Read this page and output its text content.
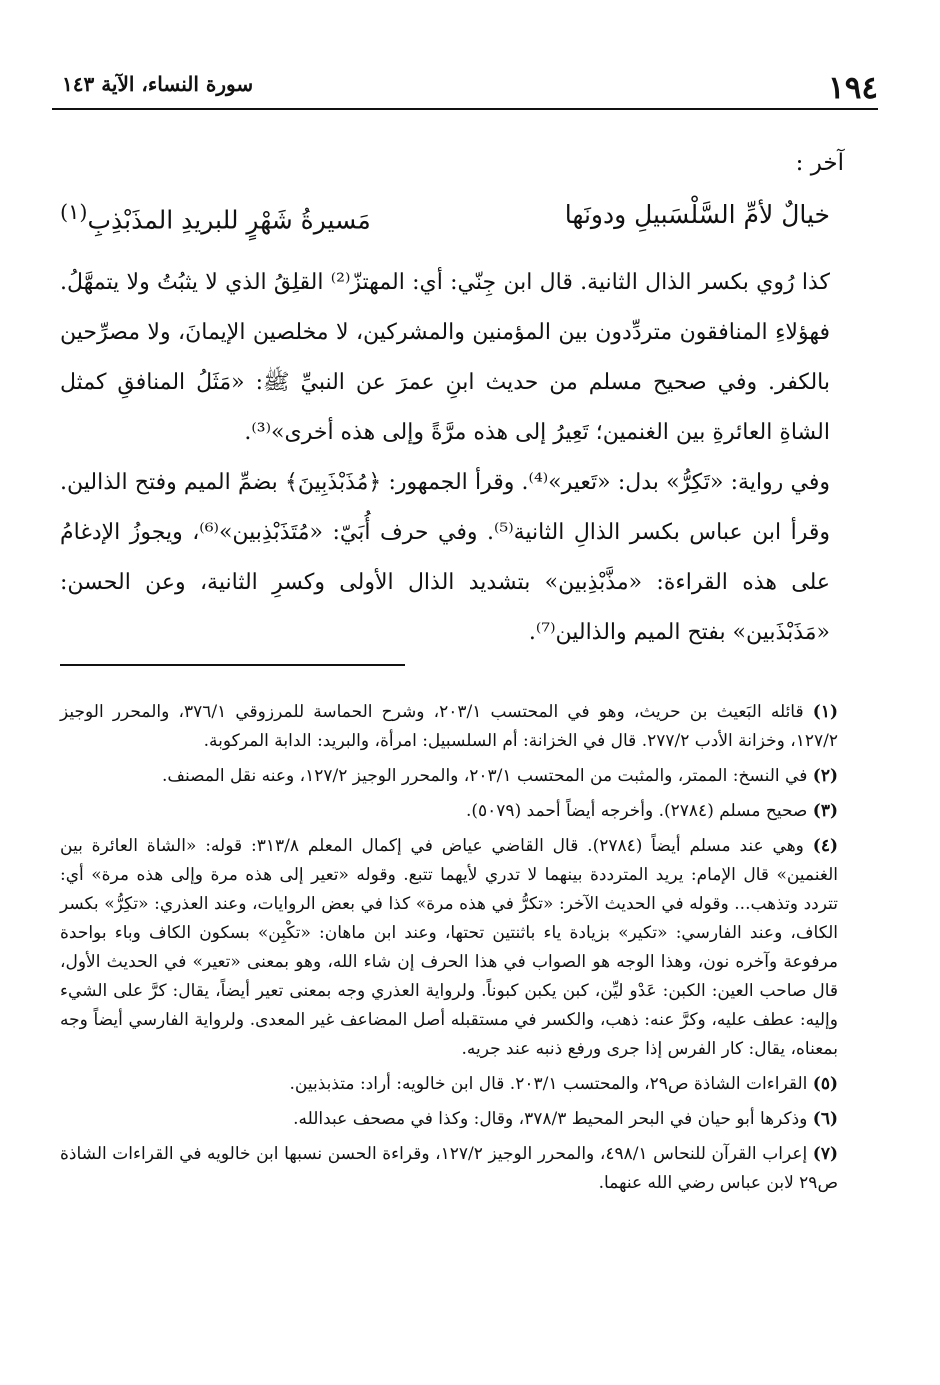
١٩٤
سورة النساء، الآية ١٤٣
آخر :
خيالٌ لأمِّ السَّلْسَبيلِ ودونَها
مَسيرةُ شَهْرٍ للبريدِ المذَبْذِبِ$^{(١)}$
كذا رُوي بكسر الذال الثانية. قال ابن جِنّي: أي: المهتزّ⁽²⁾ القلِقُ الذي لا يثبُتُ ولا يتمهَّلُ. فهؤلاءِ المنافقون متردِّدون بين المؤمنين والمشركين، لا مخلصين الإيمانَ، ولا مصرِّحين بالكفر. وفي صحيح مسلم من حديث ابنِ عمرَ عن النبيِّ ﷺ: «مَثَلُ المنافقِ كمثل الشاةِ العائرةِ بين الغنمين؛ تَعِيرُ إلى هذه مرَّةً وإلى هذه أخرى»⁽³⁾.
وفي رواية: «تَكِرُّ» بدل: «تَعير»⁽⁴⁾. وقرأ الجمهور: ﴿مُذَبْذَبِينَ﴾ بضمِّ الميم وفتح الذالين. وقرأ ابن عباس بكسر الذالِ الثانية⁽⁵⁾. وفي حرف أُبَيّ: «مُتَذَبْذِبين»⁽⁶⁾، ويجوزُ الإدغامُ على هذه القراءة: «مذَّبْذِبين» بتشديد الذال الأولى وكسرِ الثانية، وعن الحسن: «مَذَبْذَبين» بفتح الميم والذالين⁽⁷⁾.

(١) قائله البَعيث بن حريث، وهو في المحتسب ٢٠٣/١، وشرح الحماسة للمرزوقي ٣٧٦/١، والمحرر الوجيز ١٢٧/٢، وخزانة الأدب ٢٧٧/٢. قال في الخزانة: أم السلسبيل: امرأة، والبريد: الدابة المركوبة.

(٢) في النسخ: الممتر، والمثبت من المحتسب ٢٠٣/١، والمحرر الوجيز ١٢٧/٢، وعنه نقل المصنف.

(٣) صحيح مسلم (٢٧٨٤). وأخرجه أيضاً أحمد (٥٠٧٩).

(٤) وهي عند مسلم أيضاً (٢٧٨٤). قال القاضي عياض في إكمال المعلم ٣١٣/٨: قوله: «الشاة العائرة بين الغنمين» قال الإمام: يريد المترددة بينهما لا تدري لأيهما تتبع. وقوله «تعير إلى هذه مرة وإلى هذه مرة» أي: تتردد وتذهب... وقوله في الحديث الآخر: «تكرُّ في هذه مرة» كذا في بعض الروايات، وعند العذري: «تكِرُّ» بكسر الكاف، وعند الفارسي: «تكير» بزيادة ياء باثنتين تحتها، وعند ابن ماهان: «تكْبِن» بسكون الكاف وباء بواحدة مرفوعة وآخره نون، وهذا الوجه هو الصواب في هذا الحرف إن شاء الله، وهو بمعنى «تعير» في الحديث الأول، قال صاحب العين: الكبن: عَدْو ليِّن، كبن يكبن كبوناً. ولرواية العذري وجه بمعنى تعير أيضاً، يقال: كرَّ على الشيء وإليه: عطف عليه، وكرَّ عنه: ذهب، والكسر في مستقبله أصل المضاعف غير المعدى. ولرواية الفارسي أيضاً وجه بمعناه، يقال: كار الفرس إذا جرى ورفع ذنبه عند جريه.

(٥) القراءات الشاذة ص٢٩، والمحتسب ٢٠٣/١. قال ابن خالويه: أراد: متذبذبين.

(٦) وذكرها أبو حيان في البحر المحيط ٣٧٨/٣، وقال: وكذا في مصحف عبدالله.

(٧) إعراب القرآن للنحاس ٤٩٨/١، والمحرر الوجيز ١٢٧/٢، وقراءة الحسن نسبها ابن خالويه في القراءات الشاذة ص٢٩ لابن عباس رضي الله عنهما.
